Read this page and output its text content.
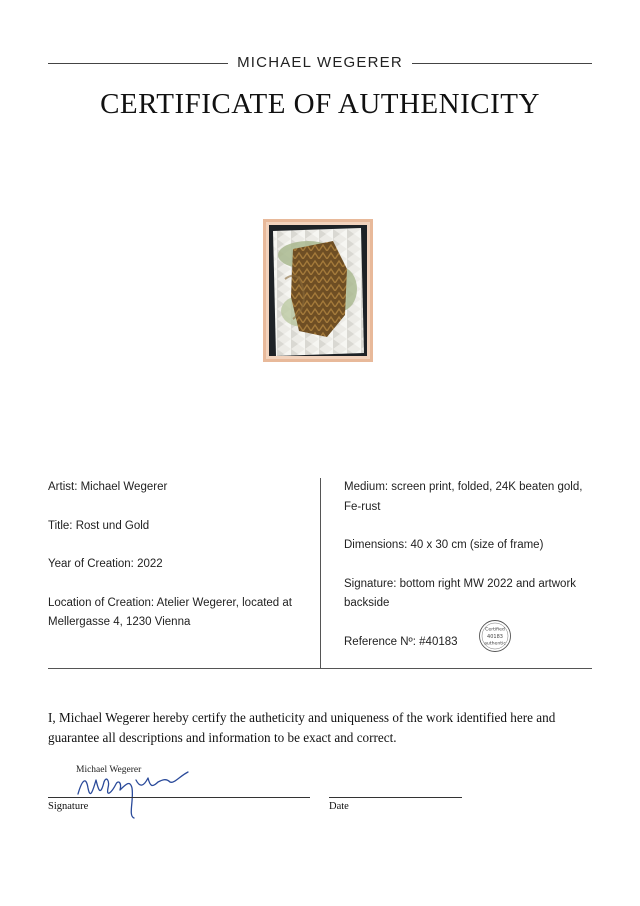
MICHAEL WEGERER
CERTIFICATE OF AUTHENICITY

Artist: Michael Wegerer

Title: Rost und Gold

Year of Creation: 2022

Location of Creation: Atelier Wegerer, located at Mellergasse 4, 1230 Vienna

Medium: screen print, folded, 24K beaten gold, Fe-rust

Dimensions: 40 x 30 cm (size of frame)

Signature: bottom right MW 2022 and artwork backside

Reference Nº: #40183

Certified
40183
authentic

I, Michael Wegerer hereby certify the autheticity and uniqueness of the work identified here and guarantee all descriptions and information to be exact and correct.

Michael Wegerer
Signature	Date
